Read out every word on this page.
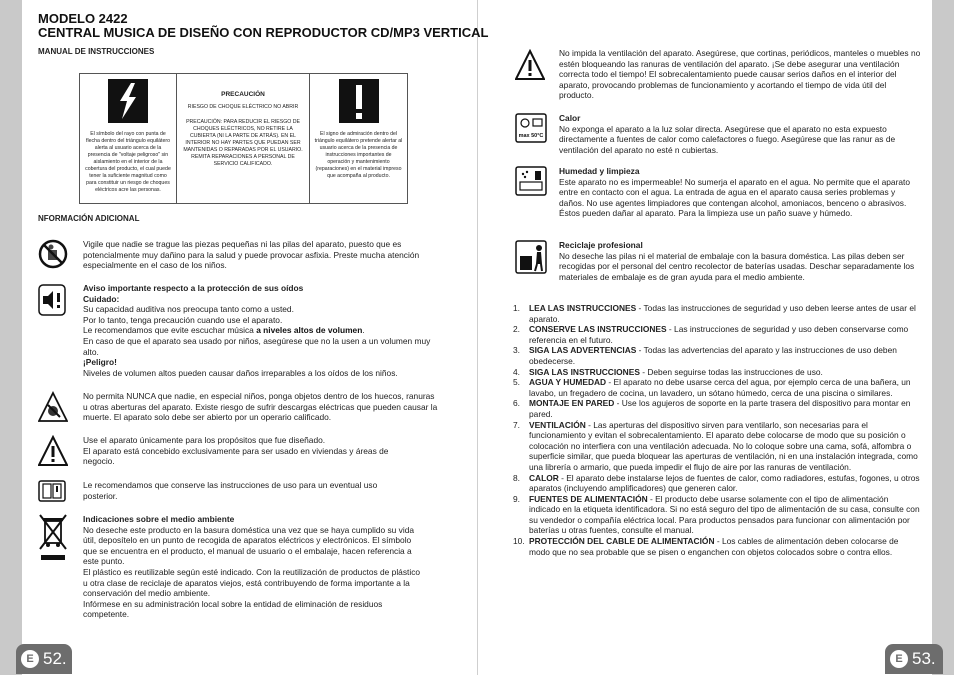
MODELO 2422
CENTRAL MUSICA DE DISEÑO CON REPRODUCTOR CD/MP3 VERTICAL
MANUAL DE INSTRUCCIONES
El símbolo del rayo con punta de flecha dentro del triángulo equilátero alerta al usuario acerca de la presencia de "voltaje peligroso" sin aislamiento en el interior de la cobertura del producto, el cual puede tener la suficiente magnitud como para constituir un riesgo de choques eléctricos acre las personas.
PRECAUCIÓN
RIESGO DE CHOQUE ELÉCTRICO NO ABRIR
PRECAUCIÓN: PARA REDUCIR EL RIESGO DE CHOQUES ELÉCTRICOS, NO RETIRE LA CUBIERTA (NI LA PARTE DE ATRÁS). EN EL INTERIOR NO HAY PARTES QUE PUEDAN SER MANTENIDAS O REPARADAS POR EL USUARIO. REMITA REPARACIONES A PERSONAL DE SERVICIO CALIFICADO.
El signo de admiración dentro del triángulo equilátero pretende alertar al usuario acerca de la presencia de instrucciones importantes de operación y mantenimiento (reparaciones) en el material impreso que acompaña al producto.
NFORMACIÓN ADICIONAL
Vigile que nadie se trague las piezas pequeñas ni las pilas del aparato, puesto que es potencialmente muy dañino para la salud y puede provocar asfixia. Preste mucha atención especialmente en el caso de los niños.
Aviso importante respecto a la protección de sus oídos
Cuidado:
Su capacidad auditiva nos preocupa tanto como a usted.
Por lo tanto, tenga precaución cuando use el aparato.
Le recomendamos que evite escuchar música a niveles altos de volumen.
En caso de que el aparato sea usado por niños, asegúrese que no la usen a un volumen muy alto.
¡Peligro!
Niveles de volumen altos pueden causar daños irreparables a los oídos de los niños.
No permita NUNCA que nadie, en especial niños, ponga objetos dentro de los huecos, ranuras u otras aberturas del aparato. Existe riesgo de sufrir descargas eléctricas que pueden causar la muerte. El aparato solo debe ser abierto por un operario calificado.
Use el aparato únicamente para los propósitos que fue diseñado.
El aparato está concebido exclusivamente para ser usado en viviendas y áreas de negocio.
Le recomendamos que conserve las instrucciones de uso para un eventual uso posterior.
Indicaciones sobre el medio ambiente
No deseche este producto en la basura doméstica una vez que se haya cumplido su vida útil, deposítelo en un punto de recogida de aparatos eléctricos y electrónicos. El símbolo que se encuentra en el producto, el manual de usuario o el embalaje, hacen referencia a este punto.
El plástico es reutilizable según esté indicado. Con la reutilización de productos de plástico u otra clase de reciclaje de aparatos viejos, está contribuyendo de forma importante a la conservación del medio ambiente.
Infórmese en su administración local sobre la entidad de eliminación de residuos competente.
E 52.
No impida la ventilación del aparato. Asegúrese, que cortinas, periódicos, manteles o muebles no estén bloqueando las ranuras de ventilación del aparato. ¡Se debe asegurar una ventilación correcta todo el tiempo! El sobrecalentamiento puede causar serios daños en el interior del aparato, provocando problemas de funcionamiento y acortando el tiempo de vida útil del producto.
max 50°C
Calor
No exponga el aparato a la luz solar directa. Asegúrese que el aparato no esta expuesto directamente a fuentes de calor como calefactores o fuego. Asegúrese que las ranur as de ventilación del aparato no esté n cubiertas.
Humedad y limpieza
Este aparato no es impermeable! No sumerja el aparato en el agua. No permite que el aparato entre en contacto con el agua. La entrada de agua en el aparato causa series problemas y daños. No use agentes limpiadores que contengan alcohol, amoniacos, benceno o abrasivos. Éstos pueden dañar al aparato. Para la limpieza use un paño suave y húmedo.
Reciclaje profesional
No deseche las pilas ni el material de embalaje con la basura doméstica. Las pilas deben ser recogidas por el personal del centro recolector de baterías usadas. Deschar separadamente los materiales de embalaje es de gran ayuda para el medio ambiente.
1. LEA LAS INSTRUCCIONES - Todas las instrucciones de seguridad y uso deben leerse antes de usar el aparato.
2. CONSERVE LAS INSTRUCCIONES - Las instrucciones de seguridad y uso deben conservarse como referencia en el futuro.
3. SIGA LAS ADVERTENCIAS - Todas las advertencias del aparato y las instrucciones de uso deben obedecerse.
4. SIGA LAS INSTRUCCIONES - Deben seguirse todas las instrucciones de uso.
5. AGUA Y HUMEDAD - El aparato no debe usarse cerca del agua, por ejemplo cerca de una bañera, un lavabo, un fregadero de cocina, un lavadero, un sótano húmedo, cerca de una piscina o similares.
6. MONTAJE EN PARED - Use los agujeros de soporte en la parte trasera del dispositivo para montar en pared.
7. VENTILACIÓN - Las aperturas del dispositivo sirven para ventilarlo, son necesarias para el funcionamiento y evitan el sobrecalentamiento. El aparato debe colocarse de modo que su posición o colocación no interfiera con una ventilación adecuada. No lo coloque sobre una cama, sofá, alfombra o superficie similar, que pueda bloquear las aperturas de ventilación, ni en una instalación integrada, como una librería o armario, que pueda impedir el flujo de aire por las ranuras de ventilación.
8. CALOR - El aparato debe instalarse lejos de fuentes de calor, como radiadores, estufas, fogones, u otros aparatos (incluyendo amplificadores) que generen calor.
9. FUENTES DE ALIMENTACIÓN - El producto debe usarse solamente con el tipo de alimentación indicado en la etiqueta identificadora. Si no está seguro del tipo de alimentación de su casa, consulte con su vendedor o compañía eléctrica local. Para productos pensados para funcionar con alimentación por baterías u otras fuentes, consulte el manual.
10. PROTECCIÓN DEL CABLE DE ALIMENTACIÓN - Los cables de alimentación deben colocarse de modo que no sea probable que se pisen o enganchen con objetos colocados sobre o contra ellos.
E 53.
